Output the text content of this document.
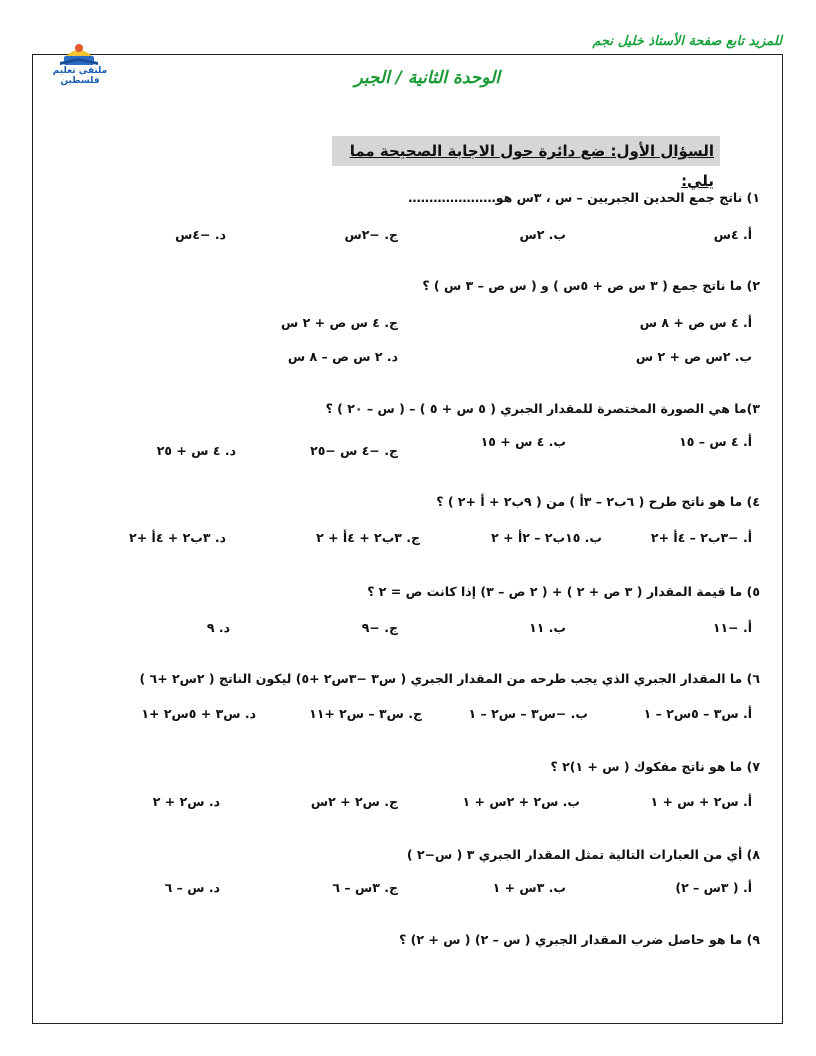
للمزيد تابع صفحة الأستاذ خليل نجم
ملتقى تعليم فلسطين	الوحدة الثانية / الجبر
السؤال الأول: ضع دائرة حول الاجابة الصحيحة مما يلي:
١) ناتج جمع الحدين الجبريين – س ، ٣س هو…………………
أ. ٤س
ب. ٢س
ج. −٢س
د. −٤س
٢) ما ناتج جمع ( ٣ س ص + ٥س ) و ( س ص – ٣ س ) ؟
أ. ٤ س ص + ٨ س
ج. ٤ س ص + ٢ س
ب. ٢س ص + ٢ س
د. ٢ س ص – ٨ س
٣)ما هي الصورة المختصرة للمقدار الجبري ( ٥ س + ٥ ) – ( س – ٢٠ ) ؟
أ. ٤ س – ١٥
ب. ٤ س + ١٥
ج. −٤ س −٢٥
د. ٤ س + ٢٥
٤) ما هو ناتج طرح ( ٦ب٢ – ٣أ ) من ( ٩ب٢ + أ +٢ ) ؟
أ. −٣ب٢ – ٤أ +٢
ب. ١٥ب٢ – ٢أ + ٢
ج. ٣ب٢ + ٤أ + ٢
د. ٣ب٢ + ٤أ +٢
٥) ما قيمة المقدار ( ٣ ص + ٢ ) + ( ٢ ص – ٣) إذا كانت ص = ٢ ؟
أ. −١١
ب. ١١
ج. −٩
د. ٩
٦) ما المقدار الجبري الذي يجب طرحه من المقدار الجبري ( س٣ −٣س٢ +٥) ليكون الناتج ( ٢س٢ +٦ )
أ. س٣ – ٥س٢ – ١
ب. −س٣ – س٢ – ١
ج. س٣ – س٢ +١١
د. س٣ + ٥س٢ +١
٧) ما هو ناتج مفكوك ( س + ١)٢ ؟
أ. س٢ + س + ١
ب. س٢ + ٢س + ١
ج. س٢ + ٢س
د. س٢ + ٢
٨) أي من العبارات التالية تمثل المقدار الجبري ٣ ( س−٢ )
أ. ( ٣س – ٢)
ب. ٣س + ١
ج. ٣س – ٦
د. س – ٦
٩) ما هو حاصل ضرب المقدار الجبري ( س – ٢) ( س + ٢) ؟
